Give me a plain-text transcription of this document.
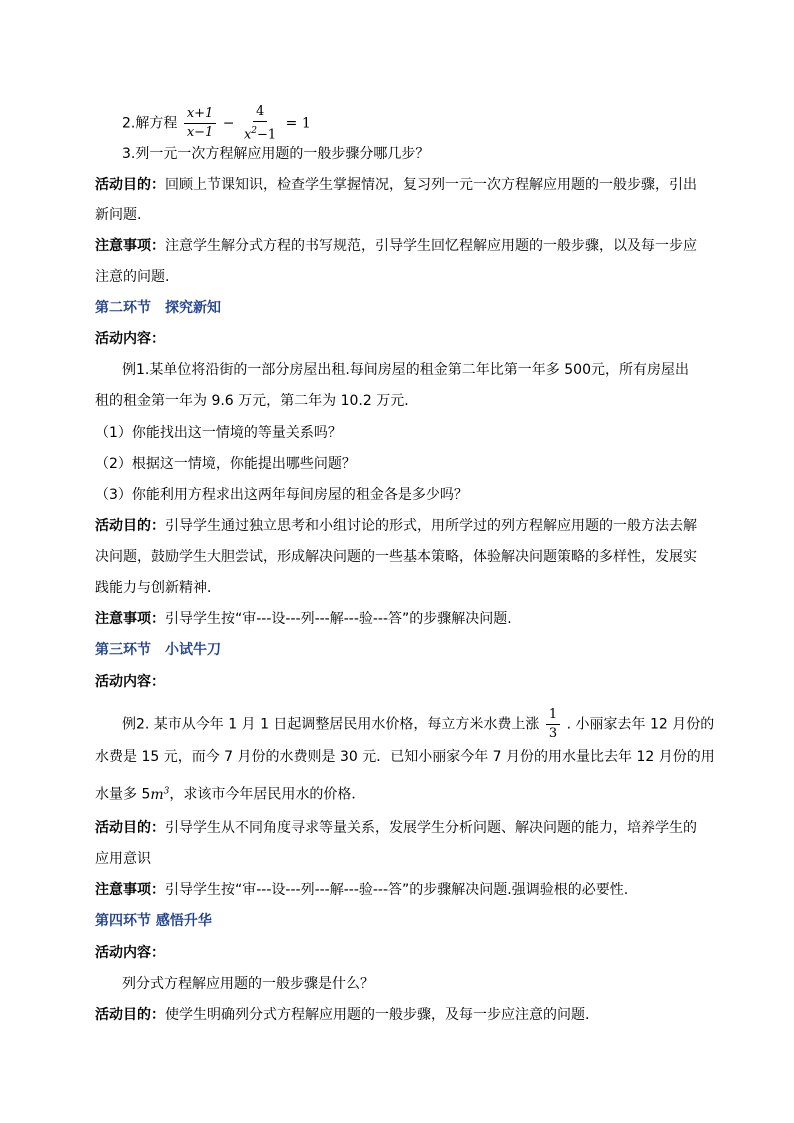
2.解方程 $\frac{x+1}{x-1} - \frac{4}{x^2-1} = 1$
3.列一元一次方程解应用题的一般步骤分哪几步？
活动目的：回顾上节课知识，检查学生掌握情况，复习列一元一次方程解应用题的一般步骤，引出
新问题.
注意事项：注意学生解分式方程的书写规范，引导学生回忆程解应用题的一般步骤，以及每一步应
注意的问题.
第二环节　探究新知
活动内容：
例1.某单位将沿街的一部分房屋出租.每间房屋的租金第二年比第一年多 500元，所有房屋出
租的租金第一年为 9.6 万元，第二年为 10.2 万元.
（1）你能找出这一情境的等量关系吗？
（2）根据这一情境，你能提出哪些问题？
（3）你能利用方程求出这两年每间房屋的租金各是多少吗？
活动目的：引导学生通过独立思考和小组讨论的形式，用所学过的列方程解应用题的一般方法去解
决问题，鼓励学生大胆尝试，形成解决问题的一些基本策略，体验解决问题策略的多样性，发展实
践能力与创新精神．
注意事项：引导学生按“审---设---列---解---验---答”的步骤解决问题.
第三环节　小试牛刀
活动内容：
例2. 某市从今年 1 月 1 日起调整居民用水价格，每立方米水费上涨 $\frac{1}{3}$ . 小丽家去年 12 月份的
水费是 15 元，而今 7 月份的水费则是 30 元．已知小丽家今年 7 月份的用水量比去年 12 月份的用
水量多 $5m^3$，求该市今年居民用水的价格．
活动目的：引导学生从不同角度寻求等量关系，发展学生分析问题、解决问题的能力，培养学生的
应用意识
注意事项：引导学生按“审---设---列---解---验---答”的步骤解决问题.强调验根的必要性.
第四环节 感悟升华
活动内容：
列分式方程解应用题的一般步骤是什么？
活动目的：使学生明确列分式方程解应用题的一般步骤，及每一步应注意的问题.
